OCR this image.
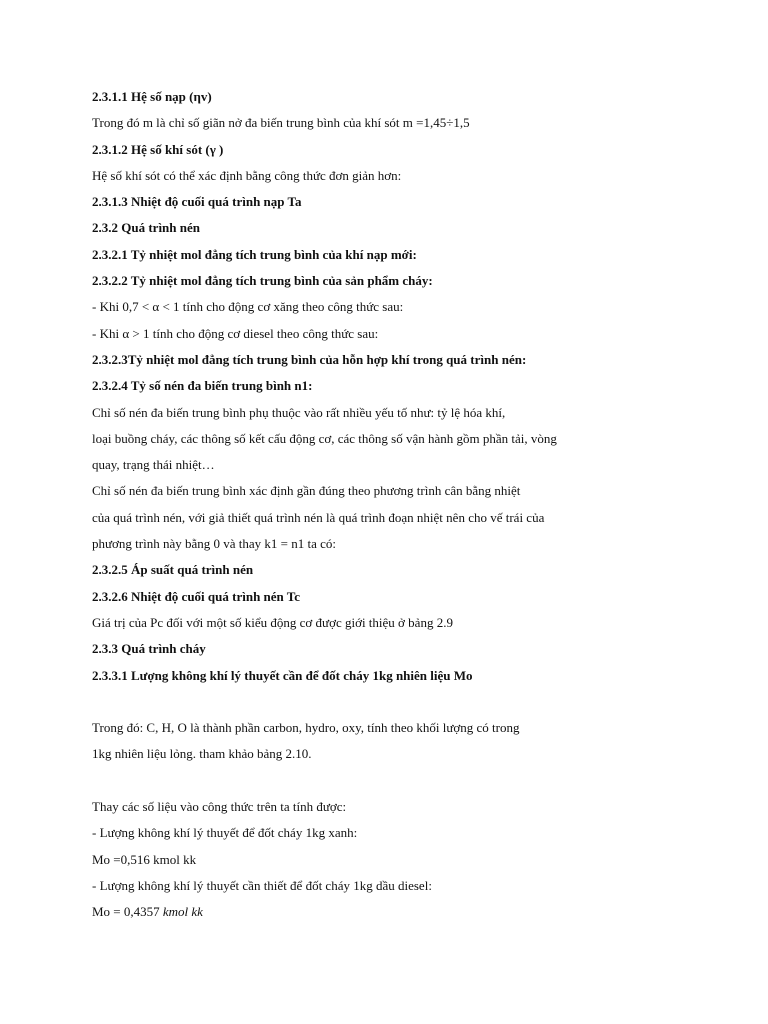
2.3.1.1 Hệ số nạp (ηv)
Trong đó m là chỉ số giãn nở đa biến trung bình của khí sót m =1,45÷1,5
2.3.1.2 Hệ số khí sót (γ )
Hệ số khí sót có thể xác định bằng công thức đơn giản hơn:
2.3.1.3 Nhiệt độ cuối quá trình nạp Ta
2.3.2 Quá trình nén
2.3.2.1 Tỷ nhiệt mol đẳng tích trung bình của khí nạp mới:
2.3.2.2 Tỷ nhiệt mol đẳng tích trung bình của sản phẩm cháy:
- Khi 0,7 < α < 1 tính cho động cơ xăng theo công thức sau:
- Khi α > 1 tính cho động cơ diesel theo công thức sau:
2.3.2.3Tỷ nhiệt mol đẳng tích trung bình của hỗn hợp khí trong quá trình nén:
2.3.2.4 Tỷ số nén đa biến trung bình n1:
Chỉ số nén đa biến trung bình phụ thuộc vào rất nhiều yếu tố như: tỷ lệ hóa khí,
loại buồng cháy, các thông số kết cấu động cơ, các thông số vận hành gồm phần tải, vòng
quay, trạng thái nhiệt…
Chỉ số nén đa biến trung bình xác định gần đúng theo phương trình cân bằng nhiệt
của quá trình nén, với giả thiết quá trình nén là quá trình đoạn nhiệt nên cho vế trái của
phương trình này bằng 0 và thay k1 = n1 ta có:
2.3.2.5 Áp suất quá trình nén
2.3.2.6 Nhiệt độ cuối quá trình nén Tc
Giá trị của Pc đối với một số kiểu động cơ được giới thiệu ở bảng 2.9
2.3.3 Quá trình cháy
2.3.3.1 Lượng không khí lý thuyết cần để đốt cháy 1kg nhiên liệu Mo
Trong đó: C, H, O là thành phần carbon, hydro, oxy, tính theo khối lượng có trong
1kg nhiên liệu lỏng. tham khảo bảng 2.10.
Thay các số liệu vào công thức trên ta tính được:
- Lượng không khí lý thuyết để đốt cháy 1kg xanh:
Mo =0,516 kmol kk
- Lượng không khí lý thuyết cần thiết để đốt cháy 1kg dầu diesel:
Mo = 0,4357 kmol kk
